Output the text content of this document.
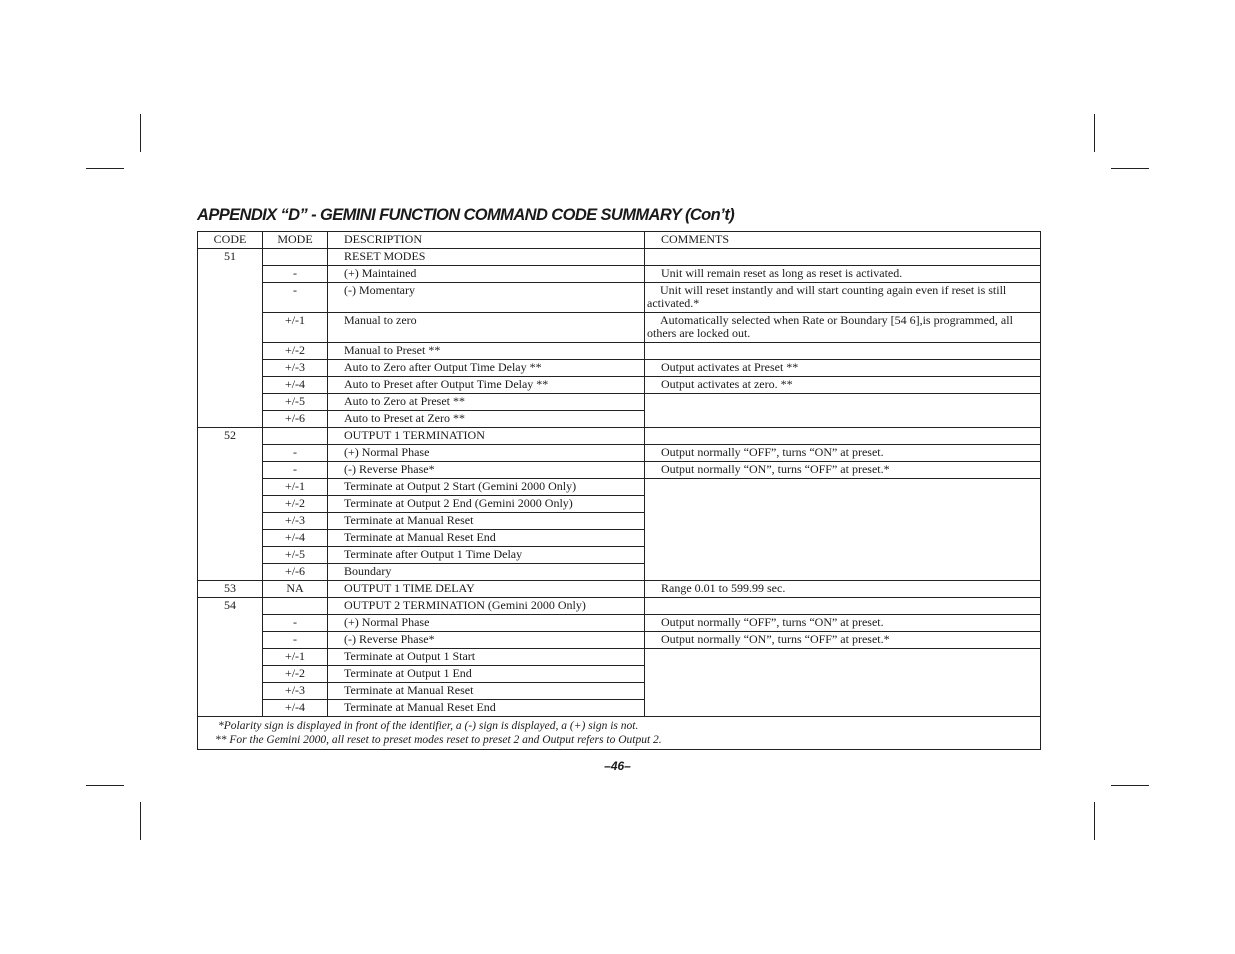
APPENDIX “D” - GEMINI FUNCTION COMMAND CODE SUMMARY (Con’t)
CODE	MODE	DESCRIPTION	COMMENTS
51		RESET MODES	
	-	(+) Maintained	Unit will remain reset as long as reset is activated.
	-	(-) Momentary	Unit will reset instantly and will start counting again even if reset is still activated.*
	+/-1	Manual to zero	Automatically selected when Rate or Boundary [54 6],is programmed, all others are locked out.
	+/-2	Manual to Preset **	
	+/-3	Auto to Zero after Output Time Delay **	Output activates at Preset **
	+/-4	Auto to Preset after Output Time Delay **	Output activates at zero. **
	+/-5	Auto to Zero at Preset **	
	+/-6	Auto to Preset at Zero **	
52		OUTPUT 1 TERMINATION	
	-	(+) Normal Phase	Output normally “OFF”, turns “ON” at preset.
	-	(-) Reverse Phase*	Output normally “ON”, turns “OFF” at preset.*
	+/-1	Terminate at Output 2 Start (Gemini 2000 Only)	
	+/-2	Terminate at Output 2 End (Gemini 2000 Only)	
	+/-3	Terminate at Manual Reset	
	+/-4	Terminate at Manual Reset End	
	+/-5	Terminate after Output 1 Time Delay	
	+/-6	Boundary	
53	NA	OUTPUT 1 TIME DELAY	Range 0.01 to 599.99 sec.
54		OUTPUT 2 TERMINATION (Gemini 2000 Only)	
	-	(+) Normal Phase	Output normally “OFF”, turns “ON” at preset.
	-	(-) Reverse Phase*	Output normally “ON”, turns “OFF” at preset.*
	+/-1	Terminate at Output 1 Start	
	+/-2	Terminate at Output 1 End	
	+/-3	Terminate at Manual Reset	
	+/-4	Terminate at Manual Reset End	

*Polarity sign is displayed in front of the identifier, a (-) sign is displayed, a (+) sign is not.
** For the Gemini 2000, all reset to preset modes reset to preset 2 and Output refers to Output 2.			
–46–
